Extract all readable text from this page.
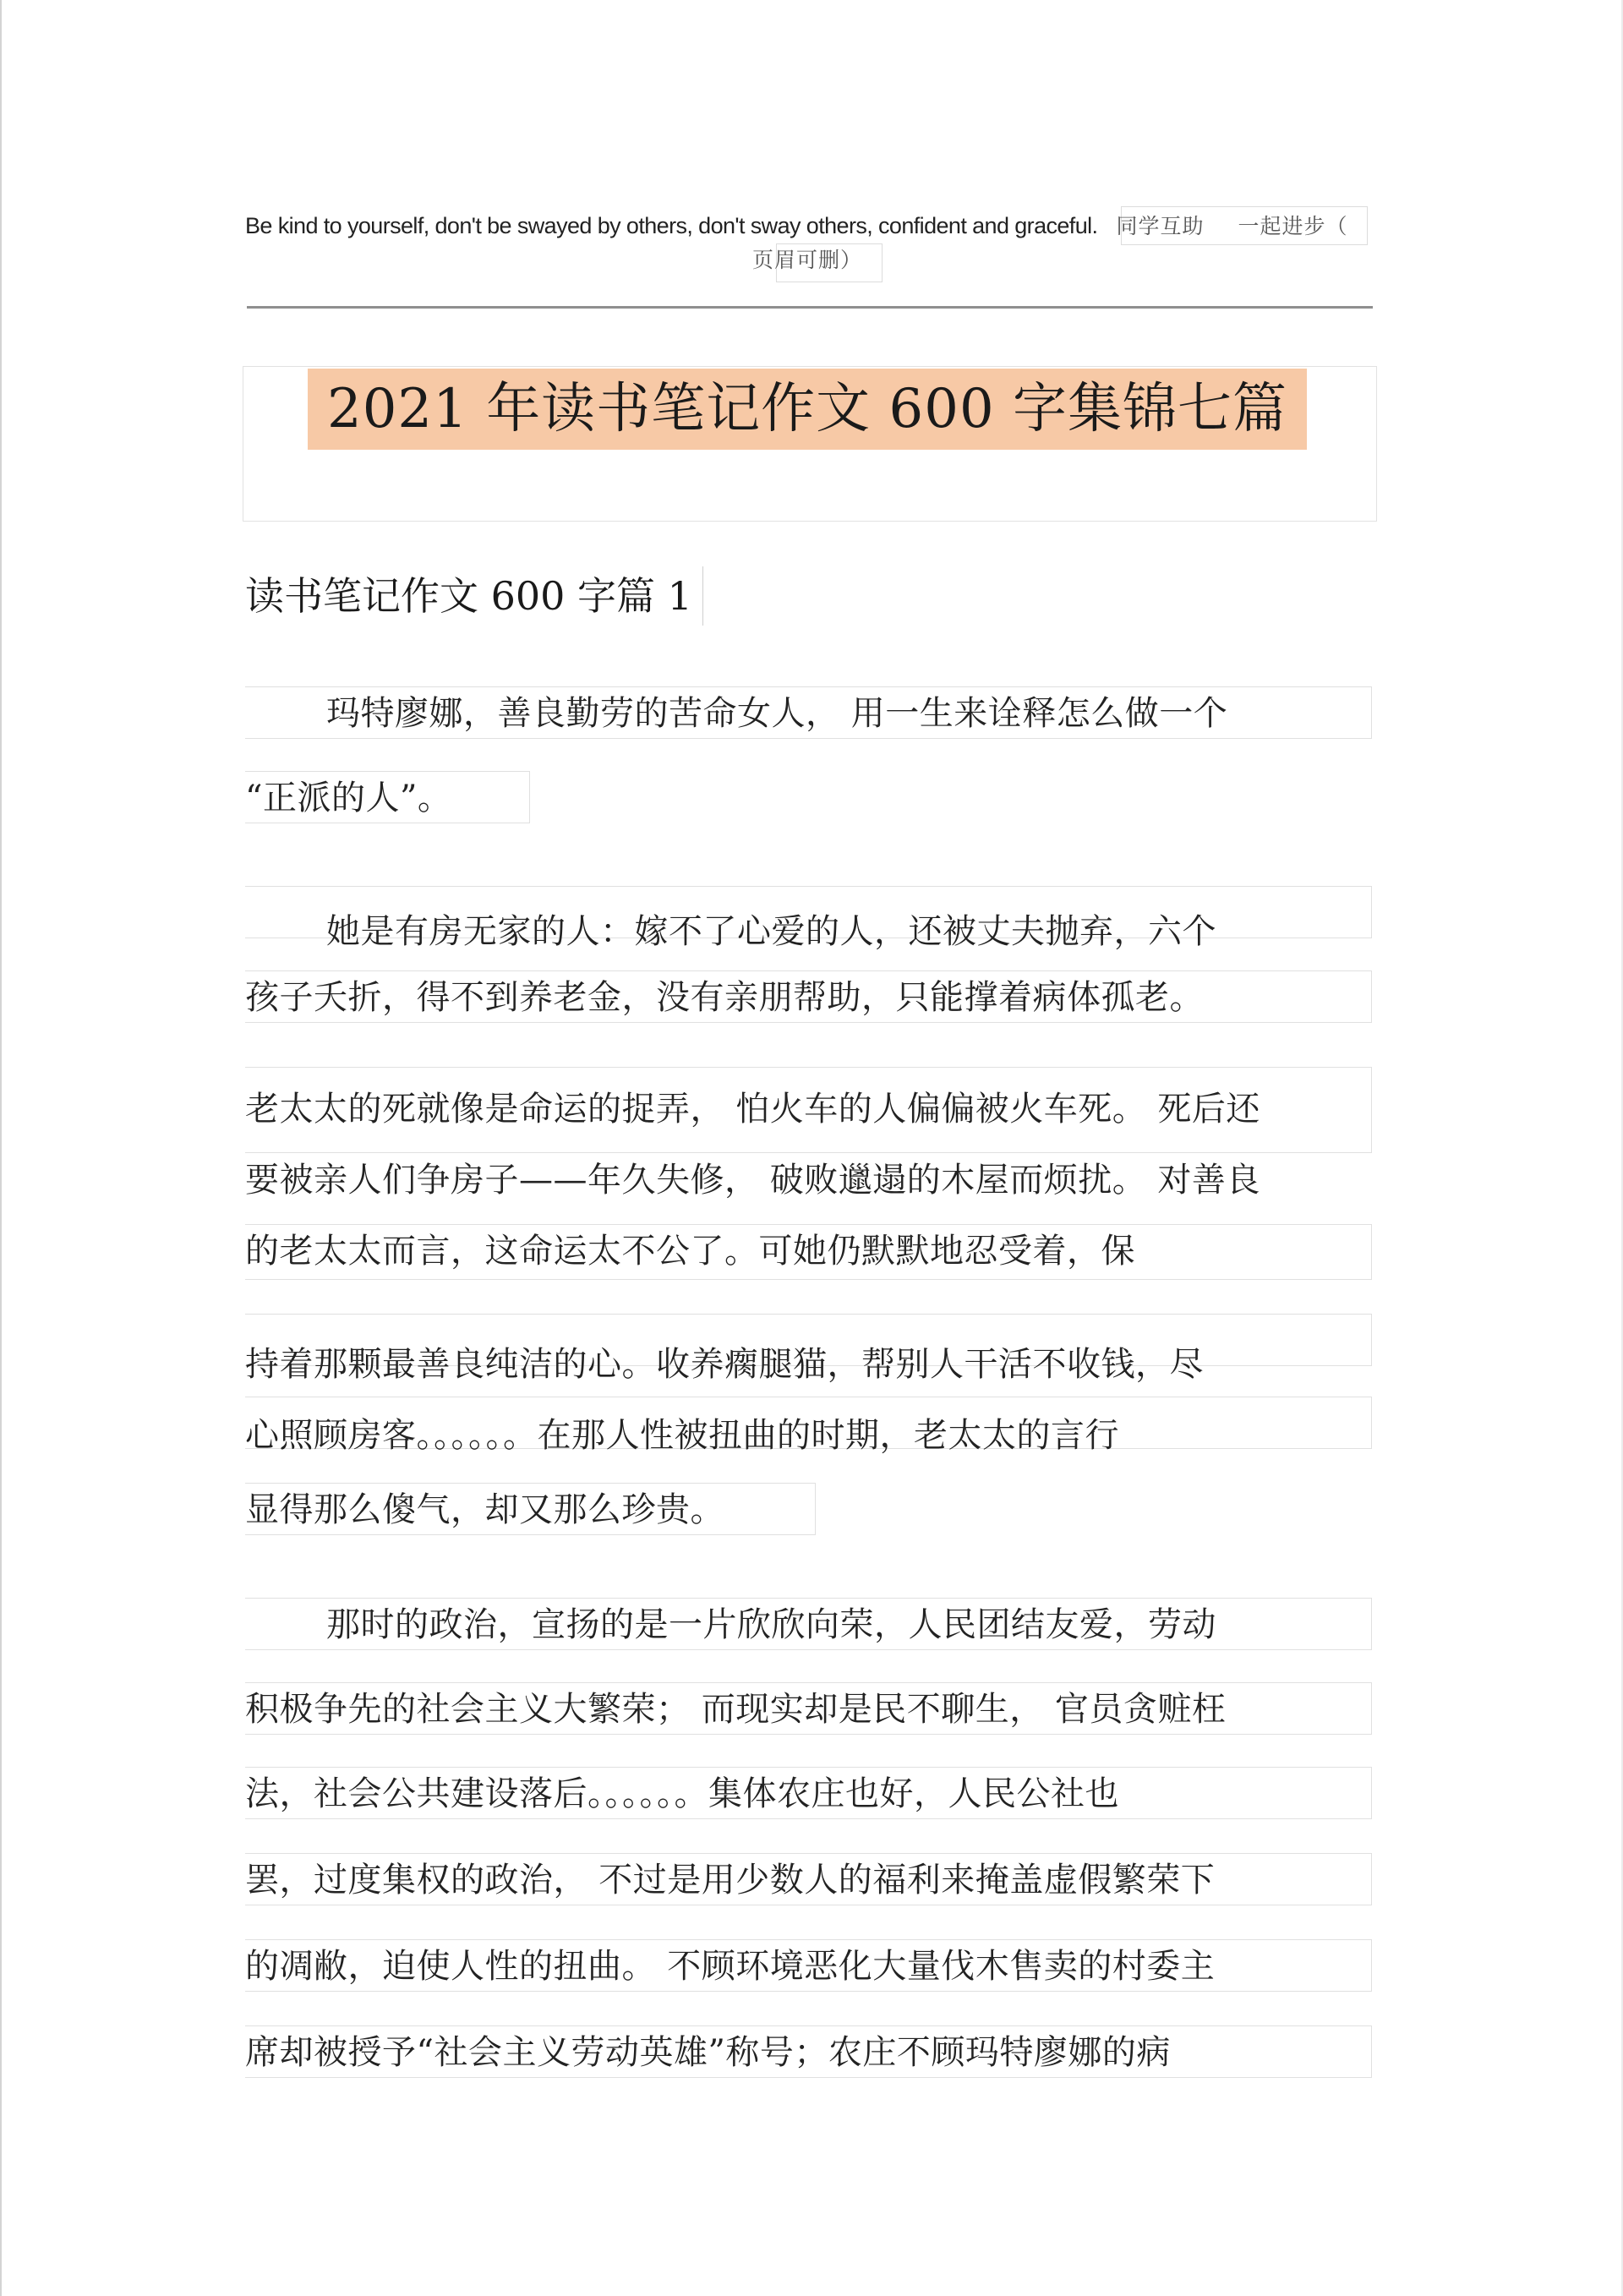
Be kind to yourself, don't be swayed by others, don't sway others, confident and graceful. 同学互助 一起进步（
页眉可删）
2021 年读书笔记作文 600 字集锦七篇
读书笔记作文 600 字篇 1
玛特廖娜，善良勤劳的苦命女人， 用一生来诠释怎么做一个
“正派的人”。
她是有房无家的人：嫁不了心爱的人，还被丈夫抛弃，六个
孩子夭折，得不到养老金，没有亲朋帮助，只能撑着病体孤老。
老太太的死就像是命运的捉弄， 怕火车的人偏偏被火车死。 死后还
要被亲人们争房子——年久失修， 破败邋遢的木屋而烦扰。 对善良
的老太太而言，这命运太不公了。可她仍默默地忍受着，保
持着那颗最善良纯洁的心。收养瘸腿猫，帮别人干活不收钱，尽
心照顾房客。。。。。。在那人性被扭曲的时期，老太太的言行
显得那么傻气，却又那么珍贵。
那时的政治，宣扬的是一片欣欣向荣，人民团结友爱，劳动
积极争先的社会主义大繁荣； 而现实却是民不聊生， 官员贪赃枉
法，社会公共建设落后。。。。。。集体农庄也好，人民公社也
罢，过度集权的政治， 不过是用少数人的福利来掩盖虚假繁荣下
的凋敝，迫使人性的扭曲。 不顾环境恶化大量伐木售卖的村委主
席却被授予“社会主义劳动英雄”称号；农庄不顾玛特廖娜的病
